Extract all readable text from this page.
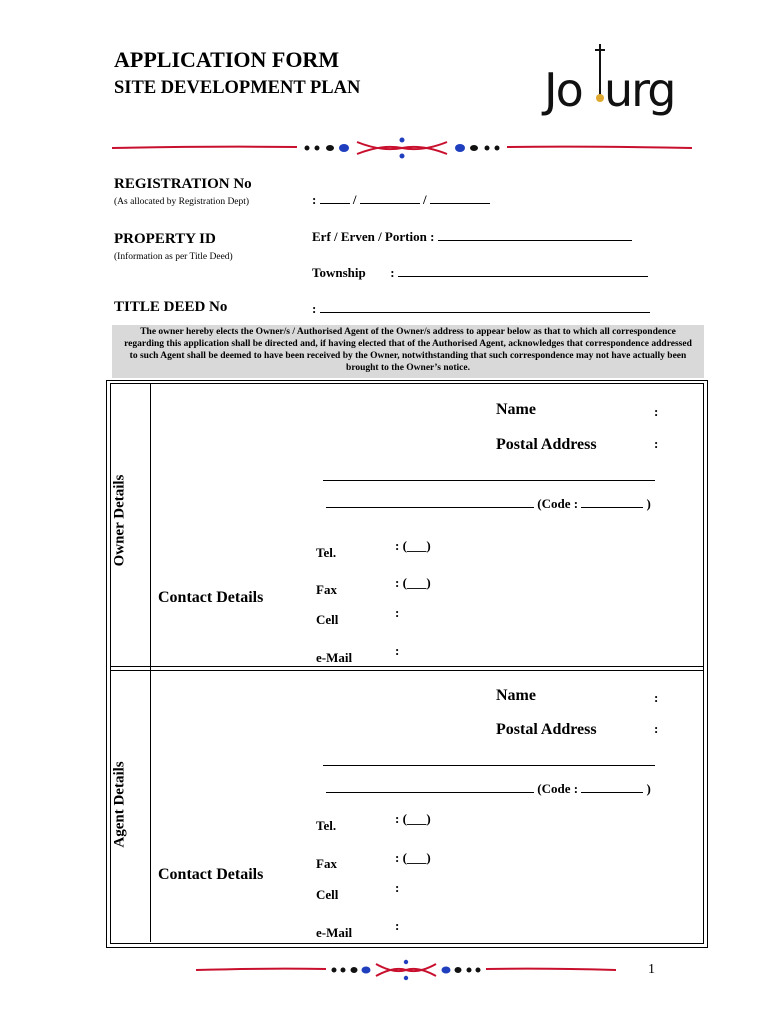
APPLICATION FORM
SITE DEVELOPMENT PLAN	Jo urg
REGISTRATION No
(As allocated by Registration Dept)	:	/	/
PROPERTY ID
(Information as per Title Deed)
Erf / Erven / Portion :
Township :
TITLE DEED No	:
The owner hereby elects the Owner/s / Authorised Agent of the Owner/s address to appear below as that to which all correspondence regarding this application shall be directed and, if having elected that of the Authorised Agent, acknowledges that correspondence addressed to such Agent shall be deemed to have been received by the Owner, notwithstanding that such correspondence may not have actually been brought to the Owner’s notice.
Owner Details
Name	:
Postal Address	:
(Code :	)
Tel.	: (___)
Fax	: (___)
Contact Details
Cell	:
e-Mail	:
Agent Details
Name	:
Postal Address	:
(Code :	)
Tel.	: (___)
Fax	: (___)
Contact Details
Cell	:
e-Mail	:
1
